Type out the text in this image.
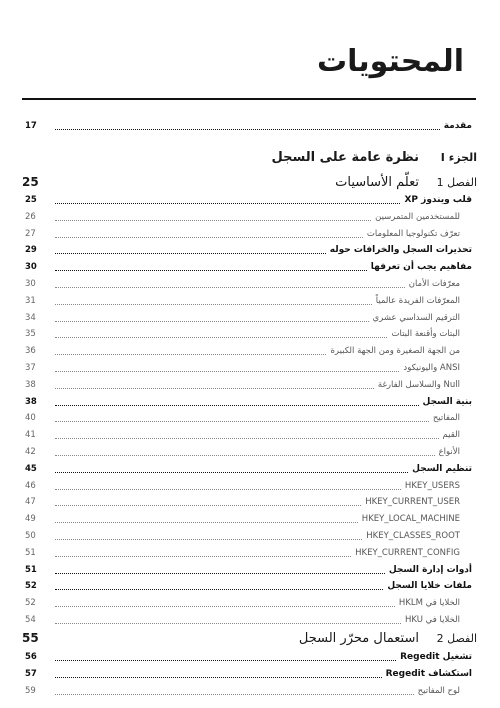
المحتويات
مقدمة
17
الجزء I
نظرة عامة على السجل
الفصل 1
تعلّم الأساسيات
25
قلب ويندوز XP
25
للمستخدمين المتمرسين
26
تعرّف تكنولوجيا المعلومات
27
تحذيرات السجل والخرافات حوله
29
مفاهيم يجب أن تعرفها
30
معرّفات الأمان
30
المعرّفات الفريدة عالمياً
31
الترقيم السداسي عشري
34
البتات وأقنعة البتات
35
من الجهة الصغيرة ومن الجهة الكبيرة
36
ANSI واليونيكود
37
Null والسلاسل الفارغة
38
بنية السجل
38
المفاتيح
40
القيم
41
الأنواع
42
تنظيم السجل
45
HKEY_USERS
46
HKEY_CURRENT_USER
47
HKEY_LOCAL_MACHINE
49
HKEY_CLASSES_ROOT
50
HKEY_CURRENT_CONFIG
51
أدوات إدارة السجل
51
ملفات خلايا السجل
52
الخلايا في HKLM
52
الخلايا في HKU
54
الفصل 2
استعمال محرّر السجل
55
تشغيل Regedit
56
استكشاف Regedit
57
لوح المفاتيح
59
